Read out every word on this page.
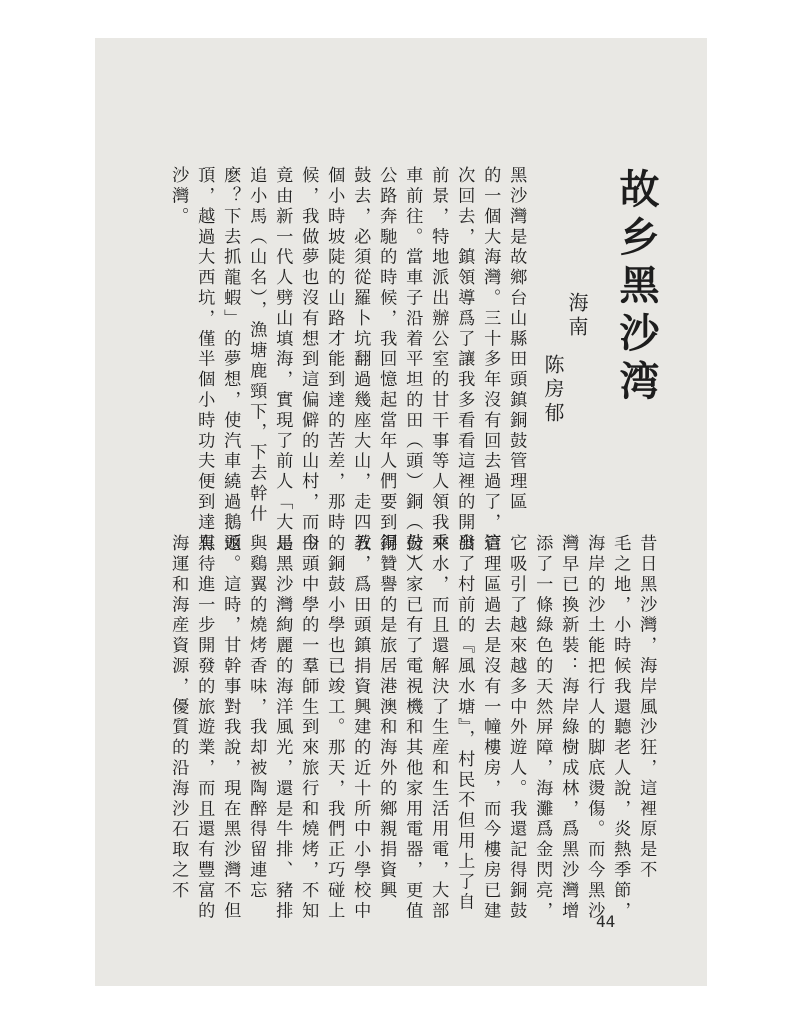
故乡黑沙湾
海南
陈房郁
黑沙灣是故鄉台山縣田頭鎮銅鼓管理區
的一個大海灣。三十多年沒有回去過了，這
次回去，鎮領導爲了讓我多看看這裡的開發
前景，特地派出辦公室的甘干事等人領我乘
車前往。當車子沿着平坦的田（頭）銅（鼓）
公路奔馳的時候，我回憶起當年人們要到銅
鼓去，必須從羅卜坑翻過幾座大山，走四五
個小時坡陡的山路才能到達的苦差，那時
候，我做夢也沒有想到這偏僻的山村，而今
竟由新一代人劈山填海，實現了前人「大馬
追小馬（山名），漁塘鹿頸下，下去幹什
麽？下去抓龍蝦」的夢想，使汽車繞過鵝頭
頂，越過大西坑，僅半個小時功夫便到達黑
沙灣。
昔日黑沙灣，海岸風沙狂，這裡原是不
毛之地，小時候我還聽老人說，炎熱季節，
海岸的沙土能把行人的脚底燙傷。而今黑沙
灣早已換新裝：海岸綠樹成林，爲黑沙灣增
添了一條綠色的天然屏障，海灘爲金閃亮，
它吸引了越來越多中外遊人。我還記得銅鼓
管理區過去是沒有一幢樓房，而今樓房已建
出了村前的『風水塘』，村民不但用上了自
來水，而且還解決了生産和生活用電，大部
份人家已有了電視機和其他家用電器，更值
得贊譽的是旅居港澳和海外的鄉親捐資興
教，爲田頭鎮捐資興建的近十所中小學校中
的銅鼓小學也已竣工。那天，我們正巧碰上
田頭中學的一羣師生到來旅行和燒烤，不知
是黑沙灣絢麗的海洋風光，還是牛排、豬排
與鷄翼的燒烤香味，我却被陶醉得留連忘
返。這時，甘幹事對我說，現在黑沙灣不但
有待進一步開發的旅遊業，而且還有豐富的
海運和海産資源，優質的沿海沙石取之不
44
